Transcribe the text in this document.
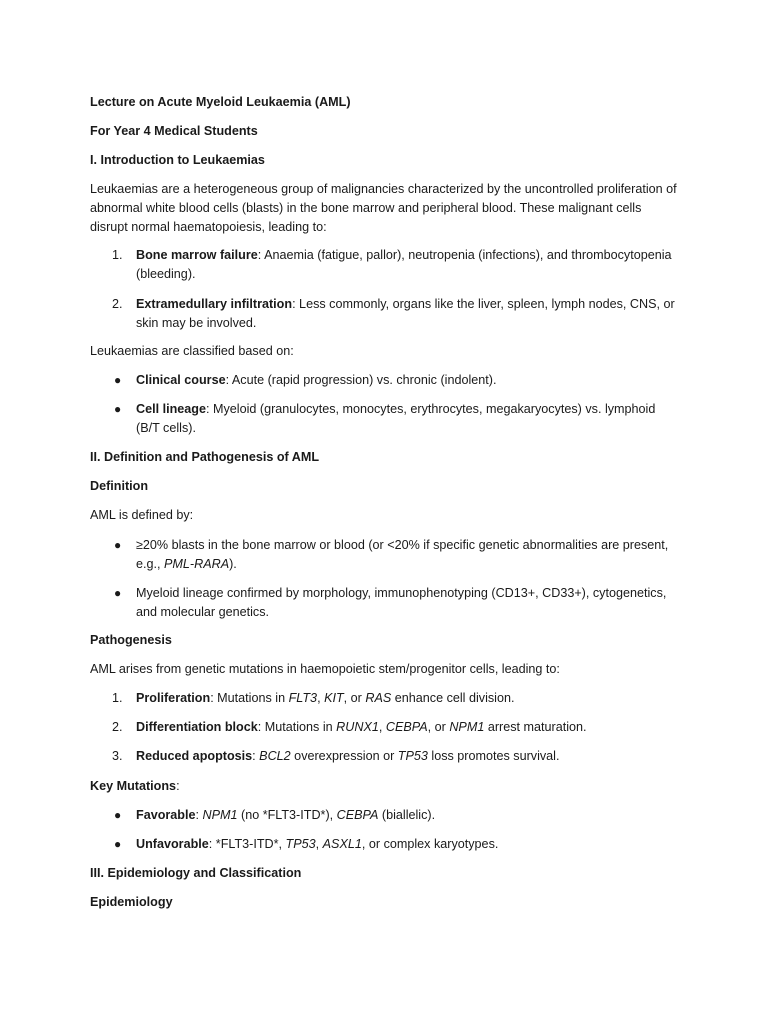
Lecture on Acute Myeloid Leukaemia (AML)

For Year 4 Medical Students

I. Introduction to Leukaemias

Leukaemias are a heterogeneous group of malignancies characterized by the uncontrolled proliferation of abnormal white blood cells (blasts) in the bone marrow and peripheral blood. These malignant cells disrupt normal haematopoiesis, leading to:

1.	Bone marrow failure: Anaemia (fatigue, pallor), neutropenia (infections), and thrombocytopenia (bleeding).

2.	Extramedullary infiltration: Less commonly, organs like the liver, spleen, lymph nodes, CNS, or skin may be involved.

Leukaemias are classified based on:

●	Clinical course: Acute (rapid progression) vs. chronic (indolent).

●	Cell lineage: Myeloid (granulocytes, monocytes, erythrocytes, megakaryocytes) vs. lymphoid (B/T cells).

II. Definition and Pathogenesis of AML

Definition

AML is defined by:

●	≥20% blasts in the bone marrow or blood (or <20% if specific genetic abnormalities are present, e.g., PML-RARA).

●	Myeloid lineage confirmed by morphology, immunophenotyping (CD13+, CD33+), cytogenetics, and molecular genetics.

Pathogenesis

AML arises from genetic mutations in haemopoietic stem/progenitor cells, leading to:

1.	Proliferation: Mutations in FLT3, KIT, or RAS enhance cell division.

2.	Differentiation block: Mutations in RUNX1, CEBPA, or NPM1 arrest maturation.

3.	Reduced apoptosis: BCL2 overexpression or TP53 loss promotes survival.

Key Mutations:

●	Favorable: NPM1 (no *FLT3-ITD*), CEBPA (biallelic).

●	Unfavorable: *FLT3-ITD*, TP53, ASXL1, or complex karyotypes.

III. Epidemiology and Classification

Epidemiology
